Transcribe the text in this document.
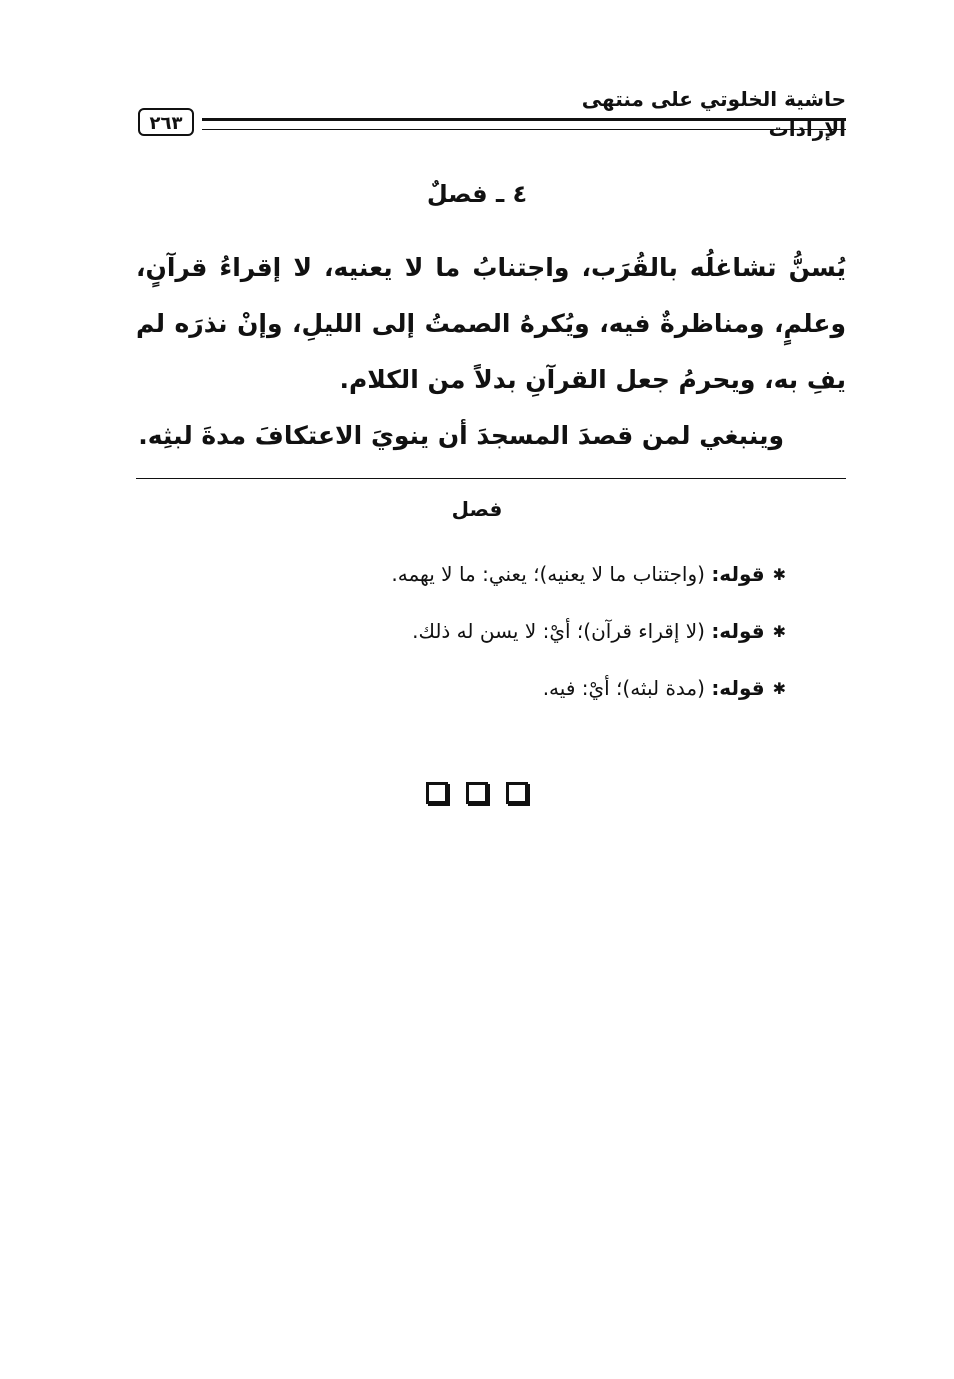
حاشية الخلوتي على منتهى الإرادات
٢٦٣
٤ ـ فصلٌ

يُسنُّ تشاغلُه بالقُرَب، واجتنابُ ما لا يعنيه، لا إقراءُ قرآنٍ، وعلمٍ، ومناظرةٌ فيه، ويُكرهُ الصمتُ إلى الليلِ، وإنْ نذرَه لم يفِ به، ويحرمُ جعل القرآنِ بدلاً من الكلام.

وينبغي لمن قصدَ المسجدَ أن ينويَ الاعتكافَ مدةَ لبثِه.

فصل
✱قوله: (واجتناب ما لا يعنيه)؛ يعني: ما لا يهمه.
✱قوله: (لا إقراء قرآن)؛ أيْ: لا يسن له ذلك.
✱قوله: (مدة لبثه)؛ أيْ: فيه.
